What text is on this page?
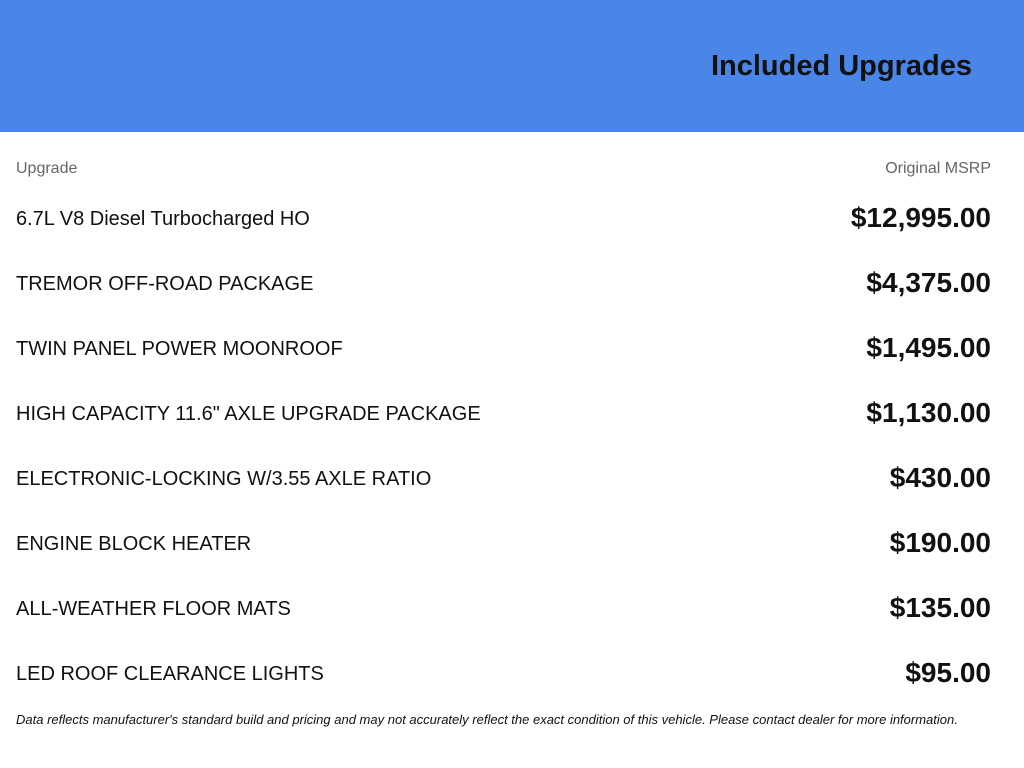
Included Upgrades
Upgrade	Original MSRP
6.7L V8 Diesel Turbocharged HO	$12,995.00
TREMOR OFF-ROAD PACKAGE	$4,375.00
TWIN PANEL POWER MOONROOF	$1,495.00
HIGH CAPACITY 11.6" AXLE UPGRADE PACKAGE	$1,130.00
ELECTRONIC-LOCKING W/3.55 AXLE RATIO	$430.00
ENGINE BLOCK HEATER	$190.00
ALL-WEATHER FLOOR MATS	$135.00
LED ROOF CLEARANCE LIGHTS	$95.00
Data reflects manufacturer's standard build and pricing and may not accurately reflect the exact condition of this vehicle. Please contact dealer for more information.
